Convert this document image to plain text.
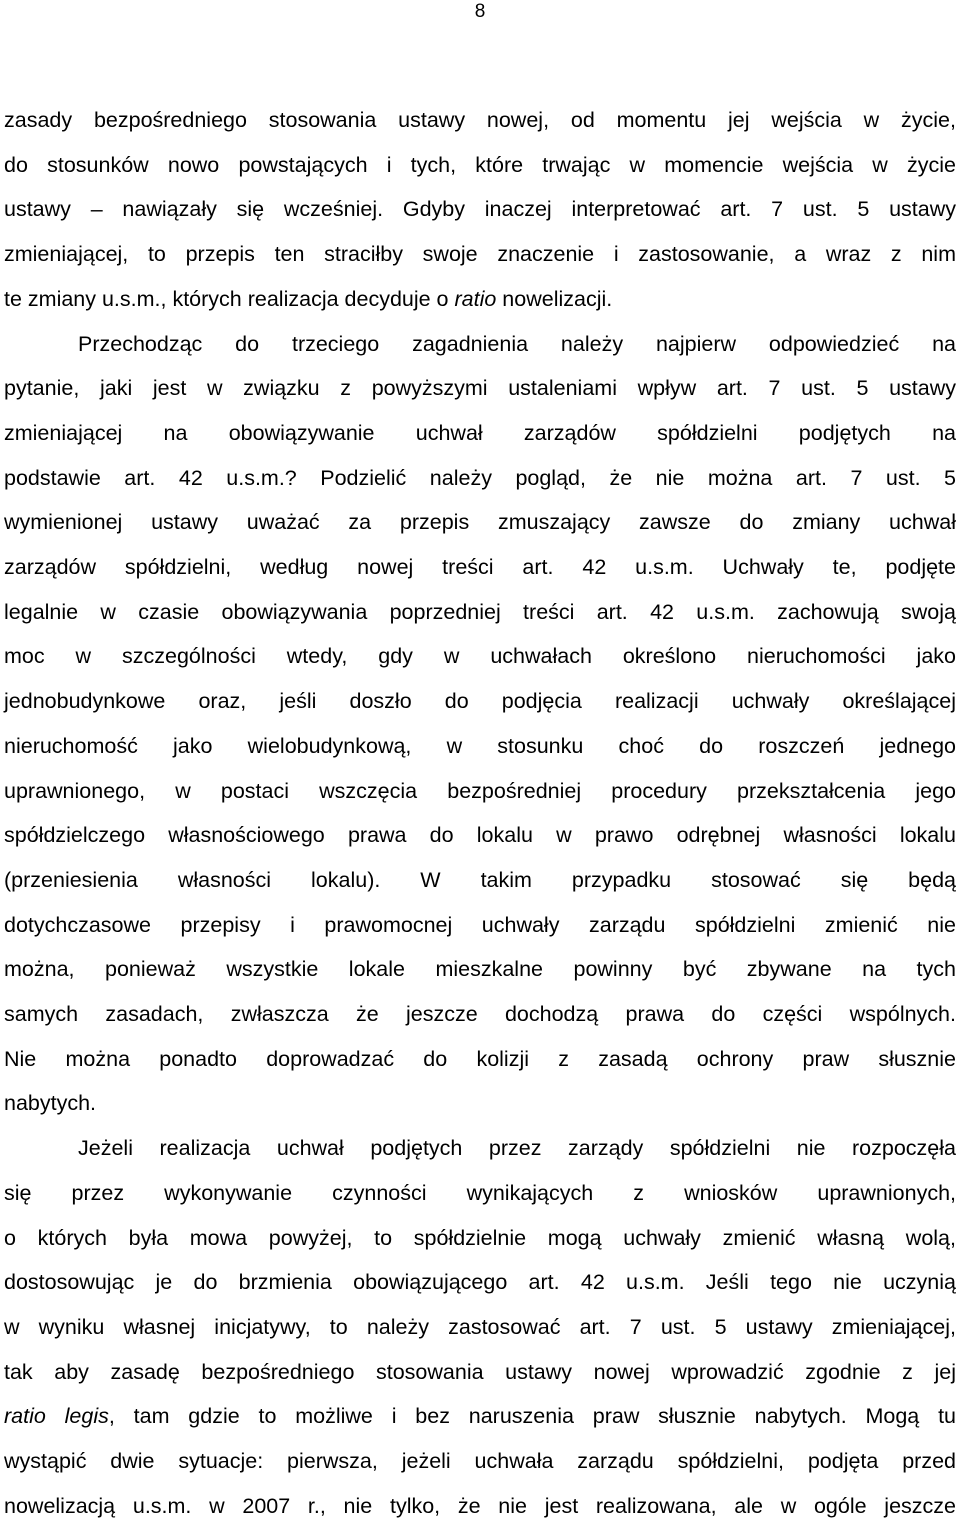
8

zasady bezpośredniego stosowania ustawy nowej, od momentu jej wejścia w życie,
do stosunków nowo powstających i tych, które trwając w momencie wejścia w życie
ustawy – nawiązały się wcześniej. Gdyby inaczej interpretować art. 7 ust. 5 ustawy
zmieniającej, to przepis ten straciłby swoje znaczenie i zastosowanie, a wraz z nim
te zmiany u.s.m., których realizacja decyduje o ratio nowelizacji.

Przechodząc do trzeciego zagadnienia należy najpierw odpowiedzieć na
pytanie, jaki jest w związku z powyższymi ustaleniami wpływ art. 7 ust. 5 ustawy
zmieniającej na obowiązywanie uchwał zarządów spółdzielni podjętych na
podstawie art. 42 u.s.m.? Podzielić należy pogląd, że nie można art. 7 ust. 5
wymienionej ustawy uważać za przepis zmuszający zawsze do zmiany uchwał
zarządów spółdzielni, według nowej treści art. 42 u.s.m. Uchwały te, podjęte
legalnie w czasie obowiązywania poprzedniej treści art. 42 u.s.m. zachowują swoją
moc w szczególności wtedy, gdy w uchwałach określono nieruchomości jako
jednobudynkowe oraz, jeśli doszło do podjęcia realizacji uchwały określającej
nieruchomość jako wielobudynkową, w stosunku choć do roszczeń jednego
uprawnionego, w postaci wszczęcia bezpośredniej procedury przekształcenia jego
spółdzielczego własnościowego prawa do lokalu w prawo odrębnej własności lokalu
(przeniesienia własności lokalu). W takim przypadku stosować się będą
dotychczasowe przepisy i prawomocnej uchwały zarządu spółdzielni zmienić nie
można, ponieważ wszystkie lokale mieszkalne powinny być zbywane na tych
samych zasadach, zwłaszcza że jeszcze dochodzą prawa do części wspólnych.
Nie można ponadto doprowadzać do kolizji z zasadą ochrony praw słusznie
nabytych.

Jeżeli realizacja uchwał podjętych przez zarządy spółdzielni nie rozpoczęła
się przez wykonywanie czynności wynikających z wniosków uprawnionych,
o których była mowa powyżej, to spółdzielnie mogą uchwały zmienić własną wolą,
dostosowując je do brzmienia obowiązującego art. 42 u.s.m. Jeśli tego nie uczynią
w wyniku własnej inicjatywy, to należy zastosować art. 7 ust. 5 ustawy zmieniającej,
tak aby zasadę bezpośredniego stosowania ustawy nowej wprowadzić zgodnie z jej
ratio legis, tam gdzie to możliwe i bez naruszenia praw słusznie nabytych. Mogą tu
wystąpić dwie sytuacje: pierwsza, jeżeli uchwała zarządu spółdzielni, podjęta przed
nowelizacją u.s.m. w 2007 r., nie tylko, że nie jest realizowana, ale w ogóle jeszcze
